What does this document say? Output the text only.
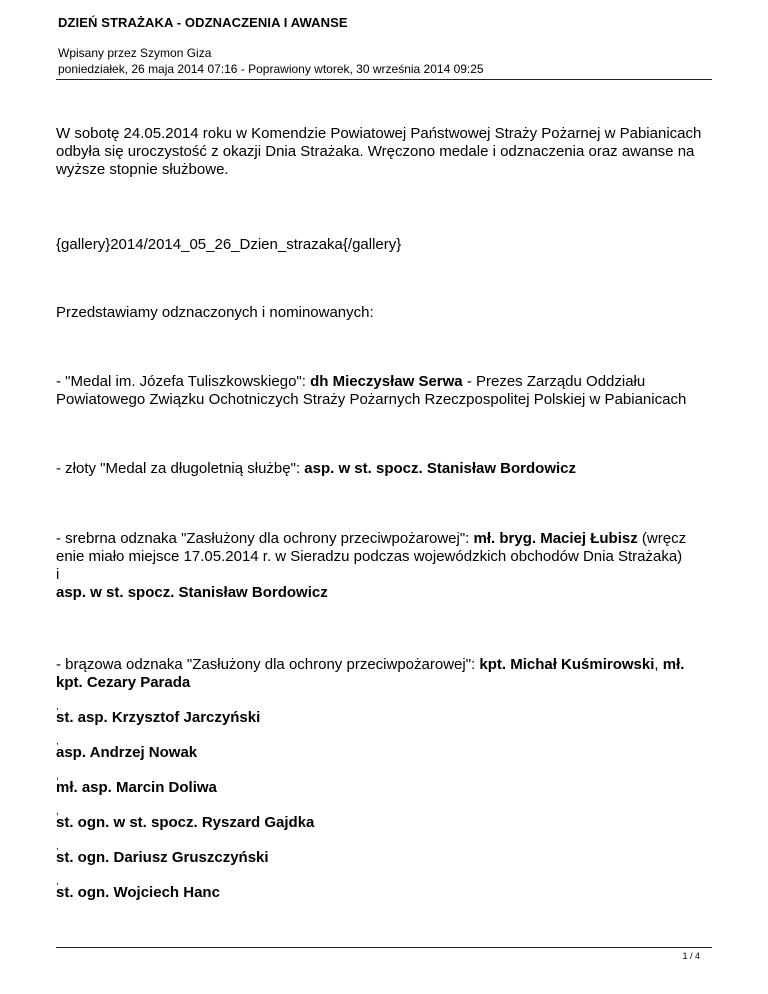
DZIEŃ STRAŻAKA - ODZNACZENIA I AWANSE
Wpisany przez Szymon Giza
poniedziałek, 26 maja 2014 07:16 - Poprawiony wtorek, 30 września 2014 09:25
W sobotę 24.05.2014 roku w Komendzie Powiatowej Państwowej Straży Pożarnej w Pabianicach odbyła się uroczystość z okazji Dnia Strażaka. Wręczono medale i odznaczenia oraz awanse na wyższe stopnie służbowe.
{gallery}2014/2014_05_26_Dzien_strazaka{/gallery}
Przedstawiamy odznaczonych i nominowanych:
- "Medal im. Józefa Tuliszkowskiego": dh Mieczysław Serwa - Prezes Zarządu Oddziału Powiatowego Związku Ochotniczych Straży Pożarnych Rzeczpospolitej Polskiej w Pabianicach
- złoty "Medal za długoletnią służbę": asp. w st. spocz. Stanisław Bordowicz
- srebrna odznaka "Zasłużony dla ochrony przeciwpożarowej": mł. bryg. Maciej Łubisz (wręcz enie miało miejsce 17.05.2014 r. w Sieradzu podczas wojewódzkich obchodów Dnia Strażaka)
i
asp. w st. spocz. Stanisław Bordowicz
- brązowa odznaka "Zasłużony dla ochrony przeciwpożarowej": kpt. Michał Kuśmirowski, mł. kpt. Cezary Parada
,
st. asp. Krzysztof Jarczyński
,
asp. Andrzej Nowak
,
mł. asp. Marcin Doliwa
,
st. ogn. w st. spocz. Ryszard Gajdka
,
st. ogn. Dariusz Gruszczyński
,
st. ogn. Wojciech Hanc
1 / 4
